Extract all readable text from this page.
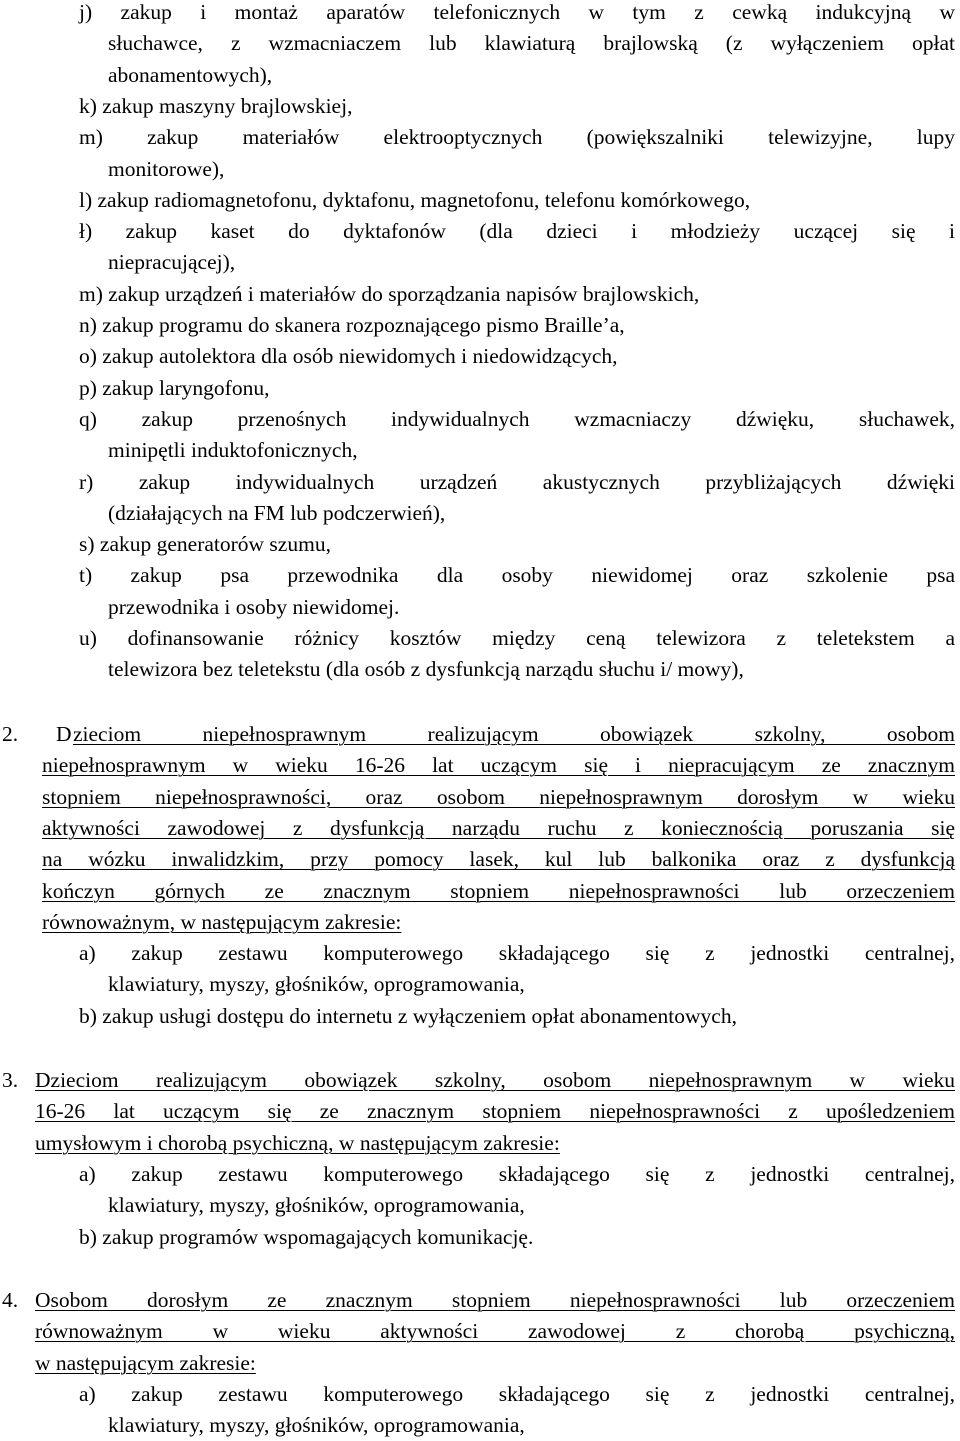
j) zakup i montaż aparatów telefonicznych w tym z cewką indukcyjną w
słuchawce, z wzmacniaczem lub klawiaturą brajlowską (z wyłączeniem opłat
abonamentowych),
k) zakup maszyny brajlowskiej,
m) zakup materiałów elektrooptycznych (powiększalniki telewizyjne, lupy
monitorowe),
l) zakup radiomagnetofonu, dyktafonu, magnetofonu, telefonu komórkowego,
ł) zakup kaset do dyktafonów (dla dzieci i młodzieży uczącej się i
niepracującej),
m) zakup urządzeń i materiałów do sporządzania napisów brajlowskich,
n) zakup programu do skanera rozpoznającego pismo Braille’a,
o) zakup autolektora dla osób niewidomych i niedowidzących,
p) zakup laryngofonu,
q) zakup przenośnych indywidualnych wzmacniaczy dźwięku, słuchawek,
minipętli induktofonicznych,
r) zakup indywidualnych urządzeń akustycznych przybliżających dźwięki
(działających na FM lub podczerwień),
s) zakup generatorów szumu,
t) zakup psa przewodnika dla osoby niewidomej oraz szkolenie psa
przewodnika i osoby niewidomej.
u) dofinansowanie różnicy kosztów między ceną telewizora z teletekstem a
telewizora bez teletekstu (dla osób z dysfunkcją narządu słuchu i/ mowy),
2. D zieciom niepełnosprawnym realizującym obowiązek szkolny, osobom
niepełnosprawnym w wieku 16-26 lat uczącym się i niepracującym ze znacznym
stopniem niepełnosprawności, oraz osobom niepełnosprawnym dorosłym w wieku
aktywności zawodowej z dysfunkcją narządu ruchu z koniecznością poruszania się
na wózku inwalidzkim, przy pomocy lasek, kul lub balkonika oraz z dysfunkcją
kończyn górnych ze znacznym stopniem niepełnosprawności lub orzeczeniem
równoważnym, w następującym zakresie:
a) zakup zestawu komputerowego składającego się z jednostki centralnej,
klawiatury, myszy, głośników, oprogramowania,
b) zakup usługi dostępu do internetu z wyłączeniem opłat abonamentowych,
3. Dzieciom realizującym obowiązek szkolny, osobom niepełnosprawnym w wieku
16-26 lat uczącym się ze znacznym stopniem niepełnosprawności z upośledzeniem
umysłowym i chorobą psychiczną, w następującym zakresie:
a) zakup zestawu komputerowego składającego się z jednostki centralnej,
klawiatury, myszy, głośników, oprogramowania,
b) zakup programów wspomagających komunikację.
4. Osobom dorosłym ze znacznym stopniem niepełnosprawności lub orzeczeniem
równoważnym w wieku aktywności zawodowej z chorobą psychiczną,
w następującym zakresie:
a) zakup zestawu komputerowego składającego się z jednostki centralnej,
klawiatury, myszy, głośników, oprogramowania,
